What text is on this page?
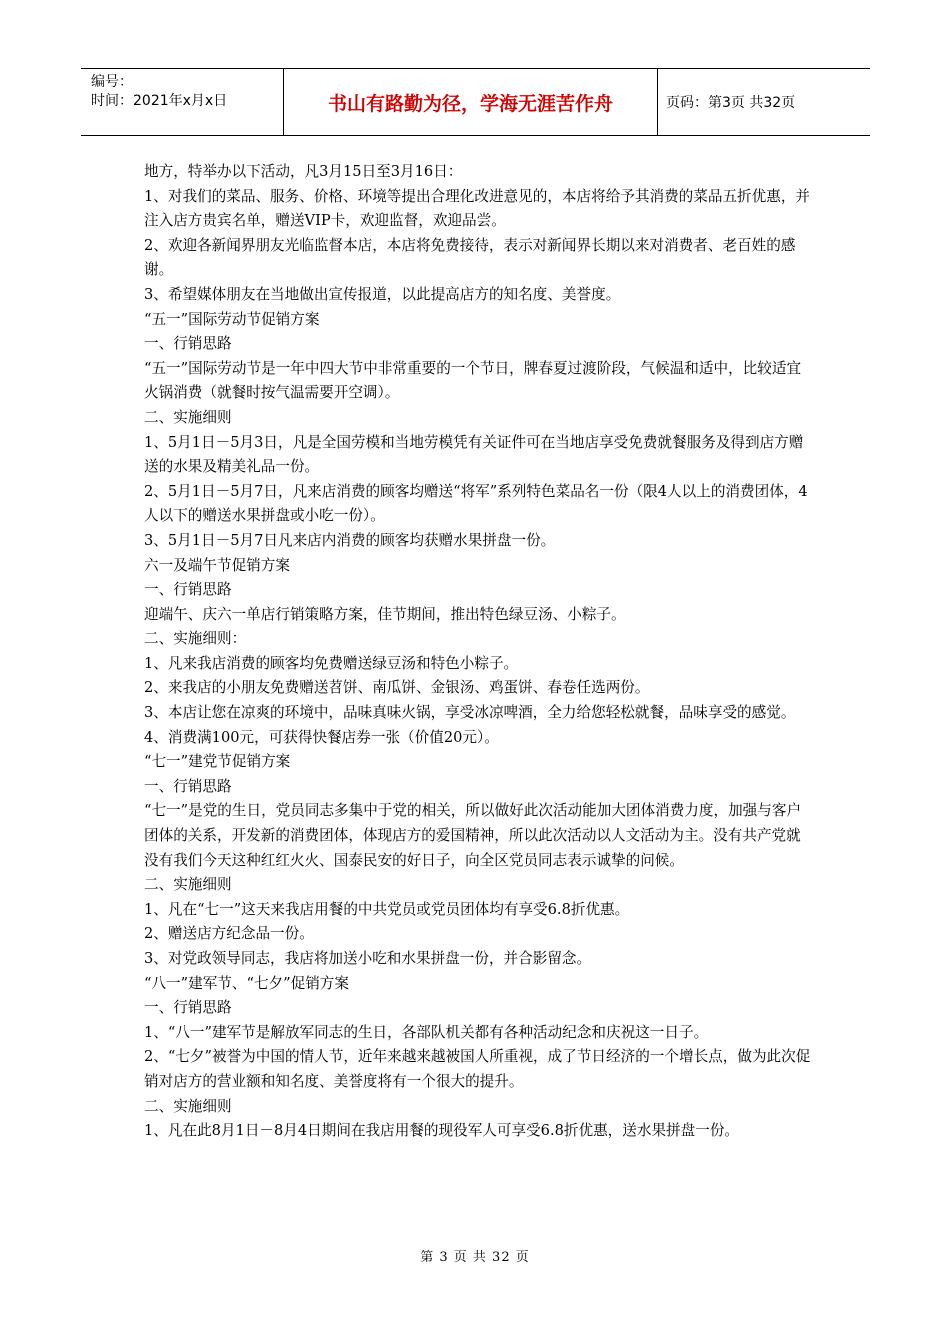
编号：
时间：2021年x月x日	书山有路勤为径，学海无涯苦作舟	页码：第3页 共32页

地方，特举办以下活动，凡3月15日至3月16日：

1、对我们的菜品、服务、价格、环境等提出合理化改进意见的，本店将给予其消费的菜品五折优惠，并注入店方贵宾名单，赠送VIP卡，欢迎监督，欢迎品尝。

2、欢迎各新闻界朋友光临监督本店，本店将免费接待，表示对新闻界长期以来对消费者、老百姓的感谢。

3、希望媒体朋友在当地做出宣传报道，以此提高店方的知名度、美誉度。

“五一”国际劳动节促销方案

一、行销思路

“五一”国际劳动节是一年中四大节中非常重要的一个节日，牌春夏过渡阶段，气候温和适中，比较适宜火锅消费（就餐时按气温需要开空调）。

二、实施细则

1、5月1日－5月3日，凡是全国劳模和当地劳模凭有关证件可在当地店享受免费就餐服务及得到店方赠送的水果及精美礼品一份。

2、5月1日－5月7日，凡来店消费的顾客均赠送“将军”系列特色菜品名一份（限4人以上的消费团体，4人以下的赠送水果拼盘或小吃一份）。

3、5月1日－5月7日凡来店内消费的顾客均获赠水果拼盘一份。

六一及端午节促销方案

一、行销思路

迎端午、庆六一单店行销策略方案，佳节期间，推出特色绿豆汤、小粽子。

二、实施细则：

1、凡来我店消费的顾客均免费赠送绿豆汤和特色小粽子。

2、来我店的小朋友免费赠送苕饼、南瓜饼、金银汤、鸡蛋饼、春卷任选两份。

3、本店让您在凉爽的环境中，品味真味火锅，享受冰凉啤酒，全力给您轻松就餐，品味享受的感觉。

4、消费满100元，可获得快餐店券一张（价值20元）。

“七一”建党节促销方案

一、行销思路

“七一”是党的生日，党员同志多集中于党的相关，所以做好此次活动能加大团体消费力度，加强与客户团体的关系，开发新的消费团体，体现店方的爱国精神，所以此次活动以人文活动为主。没有共产党就没有我们今天这种红红火火、国泰民安的好日子，向全区党员同志表示诚挚的问候。

二、实施细则

1、凡在“七一”这天来我店用餐的中共党员或党员团体均有享受6.8折优惠。

2、赠送店方纪念品一份。

3、对党政领导同志，我店将加送小吃和水果拼盘一份，并合影留念。

“八一”建军节、“七夕”促销方案

一、行销思路

1、“八一”建军节是解放军同志的生日，各部队机关都有各种活动纪念和庆祝这一日子。

2、“七夕”被誉为中国的情人节，近年来越来越被国人所重视，成了节日经济的一个增长点，做为此次促销对店方的营业额和知名度、美誉度将有一个很大的提升。

二、实施细则

1、凡在此8月1日－8月4日期间在我店用餐的现役军人可享受6.8折优惠，送水果拼盘一份。

第 3 页 共 32 页
